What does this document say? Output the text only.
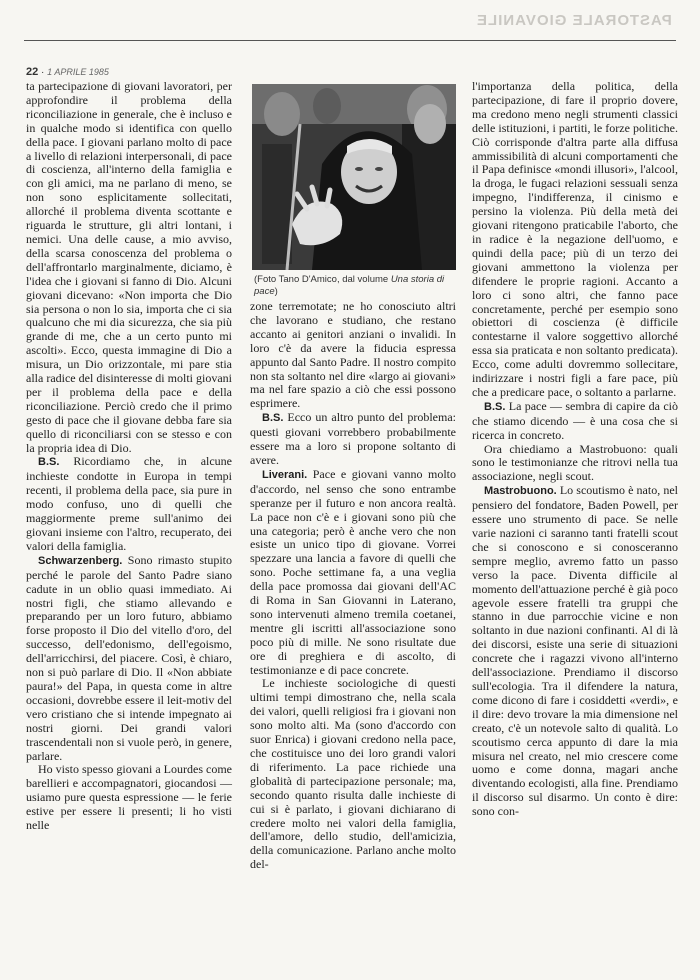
PASTORALE GIOVANILE
22 · 1 APRILE 1985
(Foto Tano D'Amico, dal volume Una storia di pace)

ta partecipazione di giovani lavoratori, per approfondire il problema della riconciliazione in generale, che è incluso e in qualche modo si identifica con quello della pace. I giovani parlano molto di pace a livello di relazioni interpersonali, di pace di coscienza, all'interno della famiglia e con gli amici, ma ne parlano di meno, se non sono esplicitamente sollecitati, allorché il problema diventa scottante e riguarda le strutture, gli altri lontani, i nemici. Una delle cause, a mio avviso, della scarsa conoscenza del problema o dell'affrontarlo marginalmente, diciamo, è l'idea che i giovani si fanno di Dio. Alcuni giovani dicevano: «Non importa che Dio sia persona o non lo sia, importa che ci sia qualcuno che mi dia sicurezza, che sia più grande di me, che a un certo punto mi ascolti». Ecco, questa immagine di Dio a misura, un Dio orizzontale, mi pare stia alla radice del disinteresse di molti giovani per il problema della pace e della riconciliazione. Perciò credo che il primo gesto di pace che il giovane debba fare sia quello di riconciliarsi con se stesso e con la propria idea di Dio.

B.S. Ricordiamo che, in alcune inchieste condotte in Europa in tempi recenti, il problema della pace, sia pure in modo confuso, uno di quelli che maggiormente preme sull'animo dei giovani insieme con l'altro, recuperato, dei valori della famiglia.

Schwarzenberg. Sono rimasto stupito perché le parole del Santo Padre siano cadute in un oblio quasi immediato. Ai nostri figli, che stiamo allevando e preparando per un loro futuro, abbiamo forse proposto il Dio del vitello d'oro, del successo, dell'edonismo, dell'egoismo, dell'arricchirsi, del piacere. Così, è chiaro, non si può parlare di Dio. Il «Non abbiate paura!» del Papa, in questa come in altre occasioni, dovrebbe essere il leit-motiv del vero cristiano che si intende impegnato ai nostri giorni. Dei grandi valori trascendentali non si vuole però, in genere, parlare.

Ho visto spesso giovani a Lourdes come barellieri e accompagnatori, giocandosi — usiamo pure questa espressione — le ferie estive per essere li presenti; li ho visti nelle

zone terremotate; ne ho conosciuto altri che lavorano e studiano, che restano accanto ai genitori anziani o invalidi. In loro c'è da avere la fiducia espressa appunto dal Santo Padre. Il nostro compito non sta soltanto nel dire «largo ai giovani» ma nel fare spazio a ciò che essi possono esprimere.

B.S. Ecco un altro punto del problema: questi giovani vorrebbero probabilmente essere ma a loro si propone soltanto di avere.

Liverani. Pace e giovani vanno molto d'accordo, nel senso che sono entrambe speranze per il futuro e non ancora realtà. La pace non c'è e i giovani sono più che una categoria; però è anche vero che non esiste un unico tipo di giovane. Vorrei spezzare una lancia a favore di quelli che sono. Poche settimane fa, a una veglia della pace promossa dai giovani dell'AC di Roma in San Giovanni in Laterano, sono intervenuti almeno tremila coetanei, mentre gli iscritti all'associazione sono poco più di mille. Ne sono risultate due ore di preghiera e di ascolto, di testimonianze e di pace concrete.

Le inchieste sociologiche di questi ultimi tempi dimostrano che, nella scala dei valori, quelli religiosi fra i giovani non sono molto alti. Ma (sono d'accordo con suor Enrica) i giovani credono nella pace, che costituisce uno dei loro grandi valori di riferimento. La pace richiede una globalità di partecipazione personale; ma, secondo quanto risulta dalle inchieste di cui si è parlato, i giovani dichiarano di credere molto nei valori della famiglia, dell'amore, dello studio, dell'amicizia, della comunicazione. Parlano anche molto del-

l'importanza della politica, della partecipazione, di fare il proprio dovere, ma credono meno negli strumenti classici delle istituzioni, i partiti, le forze politiche. Ciò corrisponde d'altra parte alla diffusa ammissibilità di alcuni comportamenti che il Papa definisce «mondi illusori», l'alcool, la droga, le fugaci relazioni sessuali senza impegno, l'indifferenza, il cinismo e persino la violenza. Più della metà dei giovani ritengono praticabile l'aborto, che in radice è la negazione dell'uomo, e quindi della pace; più di un terzo dei giovani ammettono la violenza per difendere le proprie ragioni. Accanto a loro ci sono altri, che fanno pace concretamente, perché per esempio sono obiettori di coscienza (è difficile contestarne il valore soggettivo allorché essa sia praticata e non soltanto predicata). Ecco, come adulti dovremmo sollecitare, indirizzare i nostri figli a fare pace, più che a predicare pace, o soltanto a parlarne.

B.S. La pace — sembra di capire da ciò che stiamo dicendo — è una cosa che si ricerca in concreto.

Ora chiediamo a Mastrobuono: quali sono le testimonianze che ritrovi nella tua associazione, negli scout.

Mastrobuono. Lo scoutismo è nato, nel pensiero del fondatore, Baden Powell, per essere uno strumento di pace. Se nelle varie nazioni ci saranno tanti fratelli scout che si conoscono e si conosceranno sempre meglio, avremo fatto un passo verso la pace. Diventa difficile al momento dell'attuazione perché è già poco agevole essere fratelli tra gruppi che stanno in due parrocchie vicine e non soltanto in due nazioni confinanti. Al di là dei discorsi, esiste una serie di situazioni concrete che i ragazzi vivono all'interno dell'associazione. Prendiamo il discorso sull'ecologia. Tra il difendere la natura, come dicono di fare i cosiddetti «verdi», e il dire: devo trovare la mia dimensione nel creato, c'è un notevole salto di qualità. Lo scoutismo cerca appunto di dare la mia misura nel creato, nel mio crescere come uomo e come donna, magari anche diventando ecologisti, alla fine. Prendiamo il discorso sul disarmo. Un conto è dire: sono con-
